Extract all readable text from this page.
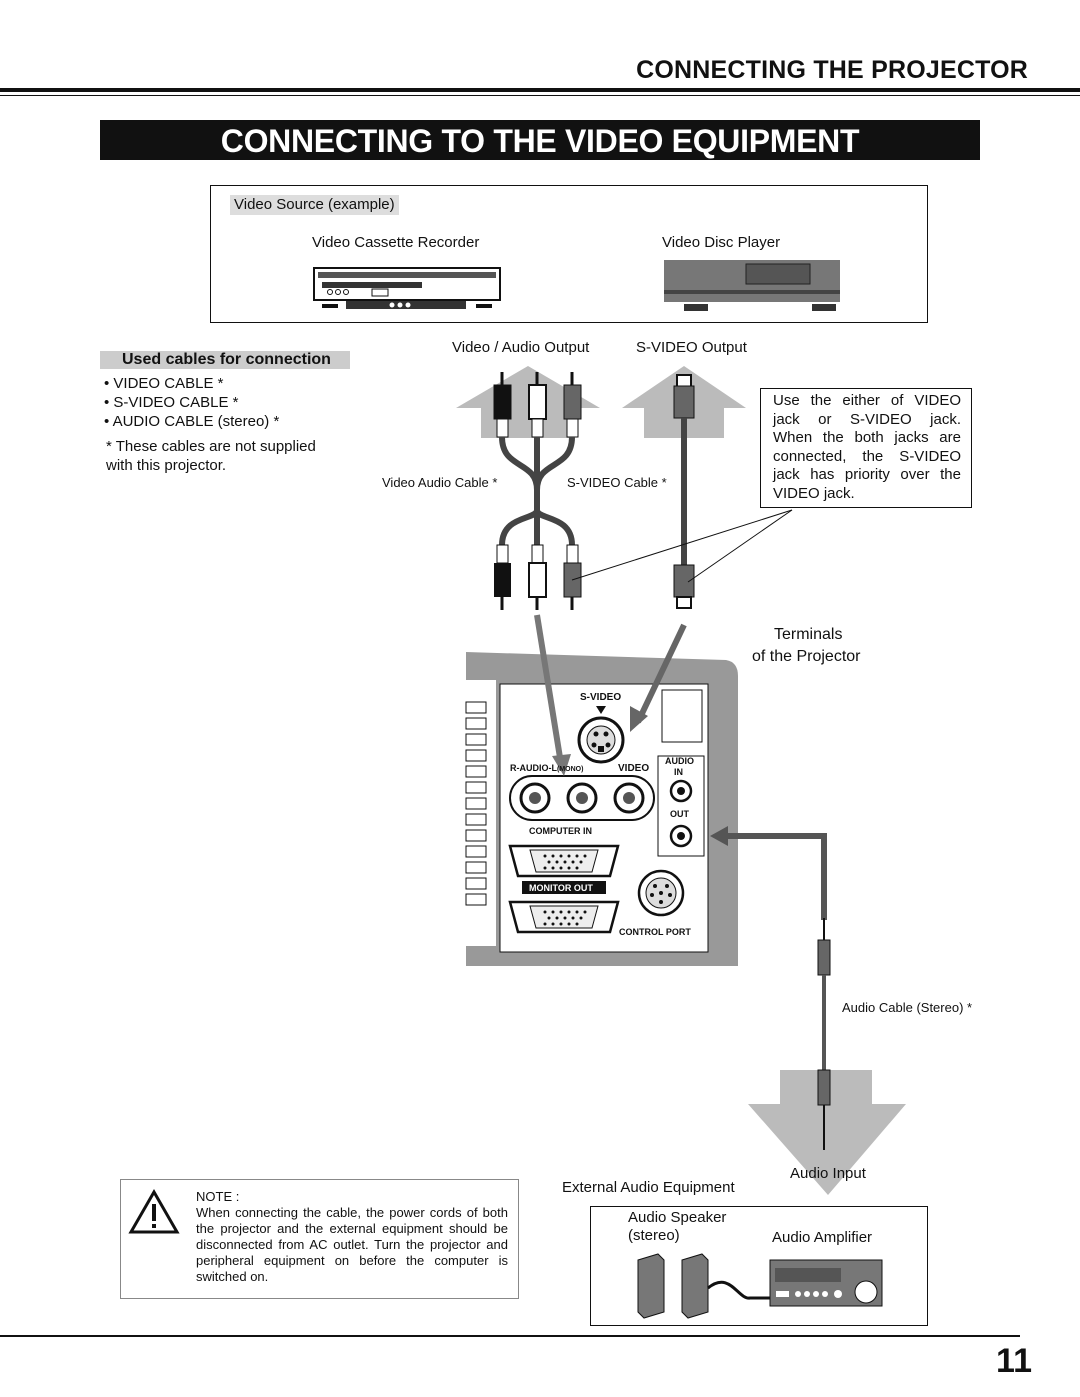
CONNECTING THE PROJECTOR
CONNECTING TO THE VIDEO EQUIPMENT
Video Source (example)
Video Cassette Recorder	Video Disc Player
Video / Audio Output	S-VIDEO Output
Used cables for connection
• VIDEO CABLE *
• S-VIDEO CABLE *
• AUDIO CABLE (stereo) *
* These cables are not supplied with this projector.
Use the either of VIDEO jack or S-VIDEO jack. When the both jacks are connected, the S-VIDEO jack has priority over the VIDEO jack.
Video Audio Cable *	S-VIDEO Cable *
Terminals
of the Projector
S-VIDEO
R-AUDIO-L(MONO)	VIDEO
AUDIO
IN
OUT
COMPUTER IN
MONITOR OUT
CONTROL PORT
Audio Cable (Stereo) *
Audio Input
External Audio Equipment
Audio Speaker
(stereo)	Audio Amplifier
NOTE :
When connecting the cable, the power cords of both the projector and the external equipment should be disconnected from AC outlet. Turn the projector and peripheral equipment on before the computer is switched on.
11
